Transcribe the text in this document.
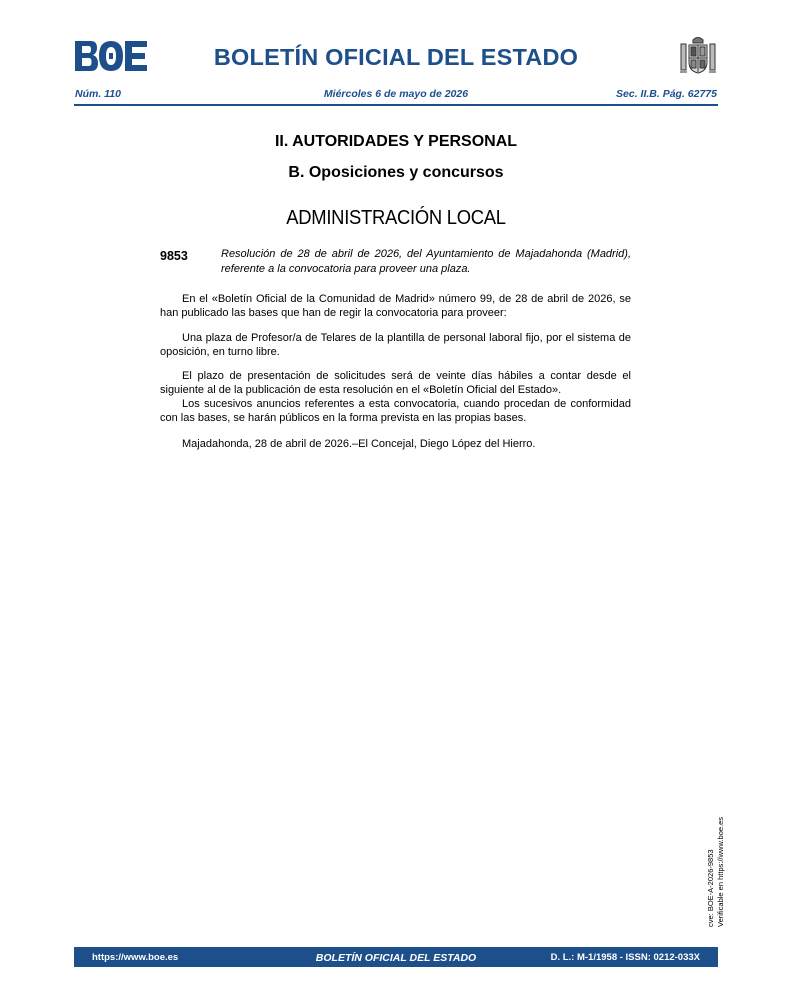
BOLETÍN OFICIAL DEL ESTADO
Núm. 110	Miércoles 6 de mayo de 2026	Sec. II.B. Pág. 62775
II. AUTORIDADES Y PERSONAL
B. Oposiciones y concursos
ADMINISTRACIÓN LOCAL
9853	Resolución de 28 de abril de 2026, del Ayuntamiento de Majadahonda (Madrid), referente a la convocatoria para proveer una plaza.

En el «Boletín Oficial de la Comunidad de Madrid» número 99, de 28 de abril de 2026, se han publicado las bases que han de regir la convocatoria para proveer:

Una plaza de Profesor/a de Telares de la plantilla de personal laboral fijo, por el sistema de oposición, en turno libre.

El plazo de presentación de solicitudes será de veinte días hábiles a contar desde el siguiente al de la publicación de esta resolución en el «Boletín Oficial del Estado».

Los sucesivos anuncios referentes a esta convocatoria, cuando procedan de conformidad con las bases, se harán públicos en la forma prevista en las propias bases.

Majadahonda, 28 de abril de 2026.–El Concejal, Diego López del Hierro.

cve: BOE-A-2026-9853 Verificable en https://www.boe.es
https://www.boe.es	BOLETÍN OFICIAL DEL ESTADO	D. L.: M-1/1958 - ISSN: 0212-033X
